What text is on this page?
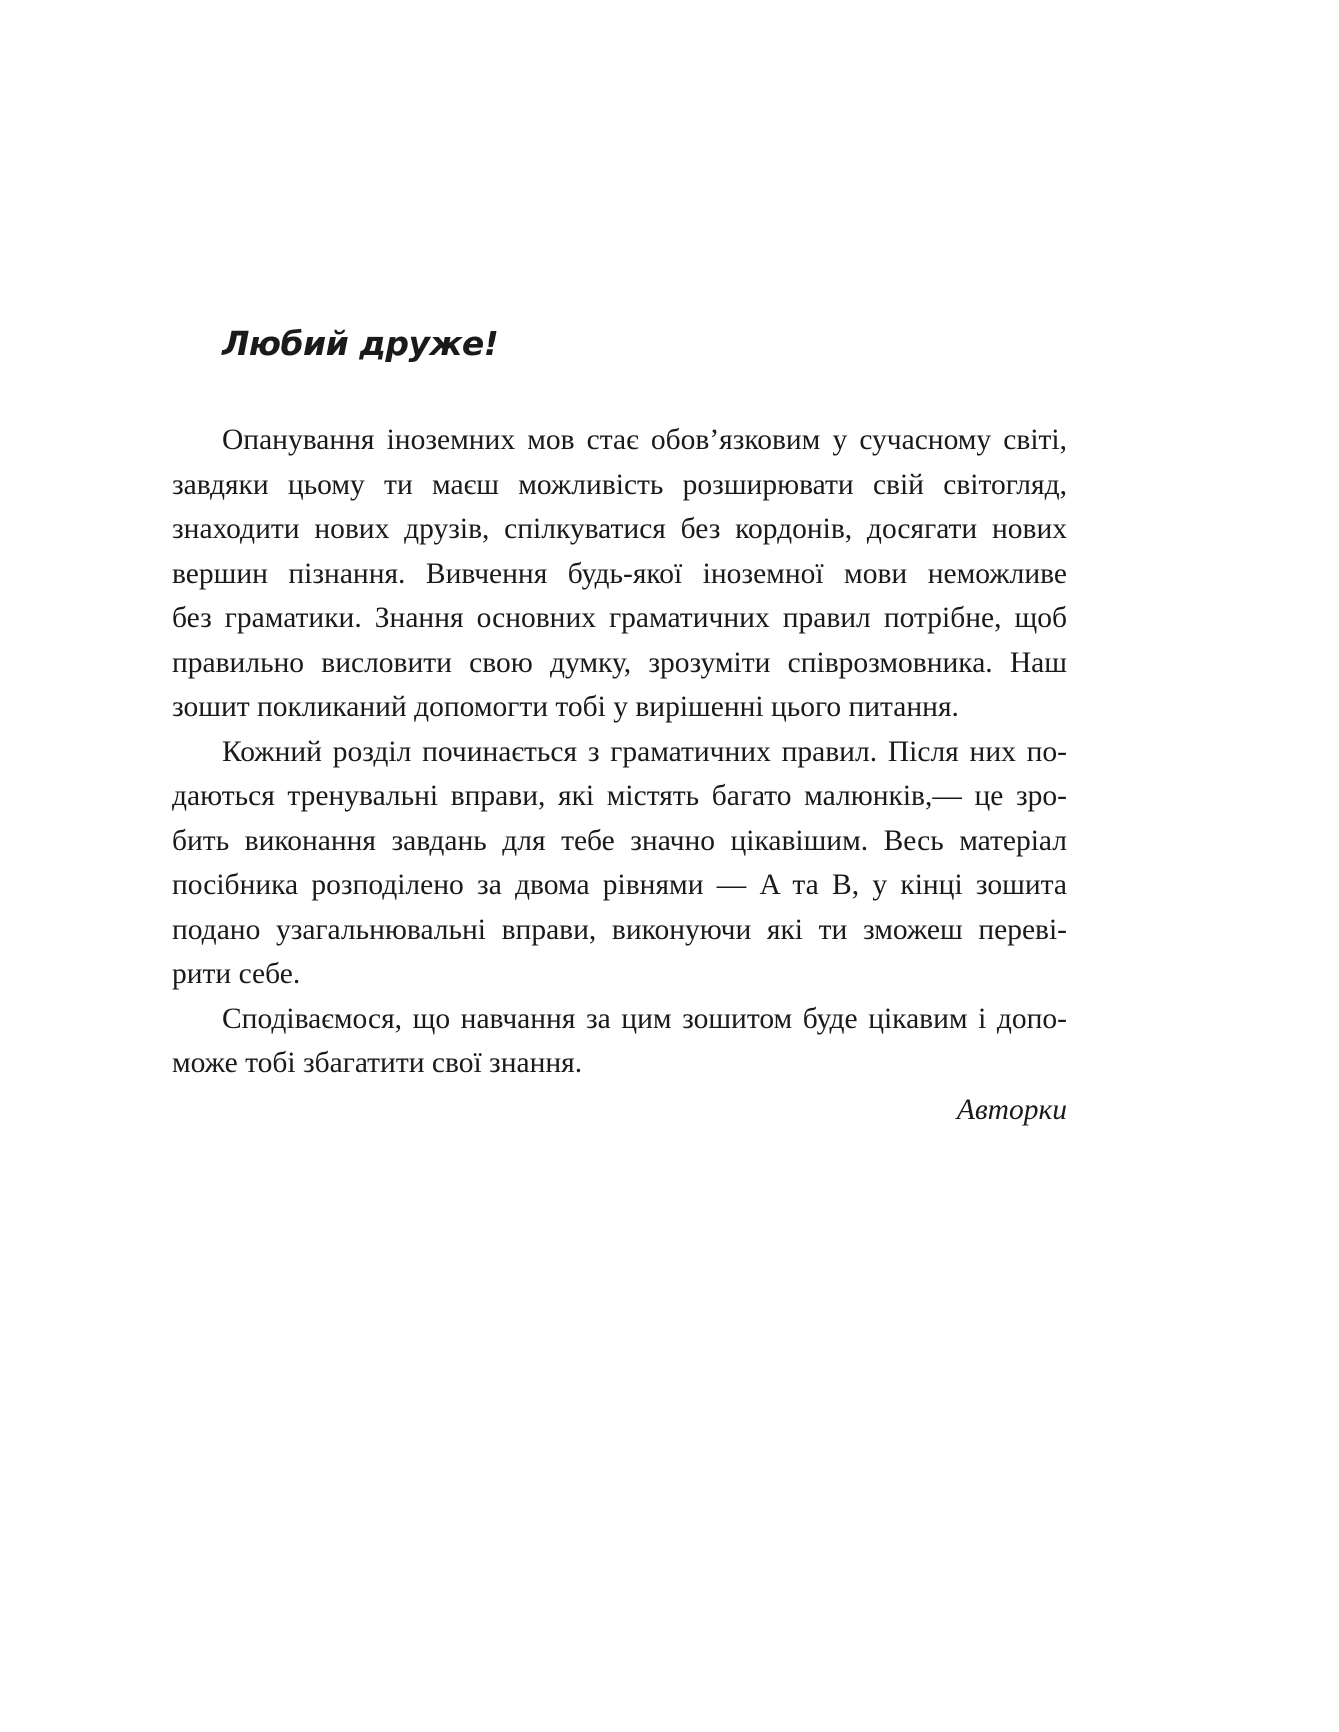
Любий друже!
Опанування іноземних мов стає обов’язковим у сучасному світі,
завдяки цьому ти маєш можливість розширювати свій світогляд,
знаходити нових друзів, спілкуватися без кордонів, досягати нових
вершин пізнання. Вивчення будь-якої іноземної мови неможливе
без граматики. Знання основних граматичних правил потрібне, щоб
правильно висловити свою думку, зрозуміти співрозмовника. Наш
зошит покликаний допомогти тобі у вирішенні цього питання.
Кожний розділ починається з граматичних правил. Після них по-
даються тренувальні вправи, які містять багато малюнків,— це зро-
бить виконання завдань для тебе значно цікавішим. Весь матеріал
посібника розподілено за двома рівнями — A та B, у кінці зошита
подано узагальнювальні вправи, виконуючи які ти зможеш переві-
рити себе.
Сподіваємося, що навчання за цим зошитом буде цікавим і допо-
може тобі збагатити свої знання.
Авторки
